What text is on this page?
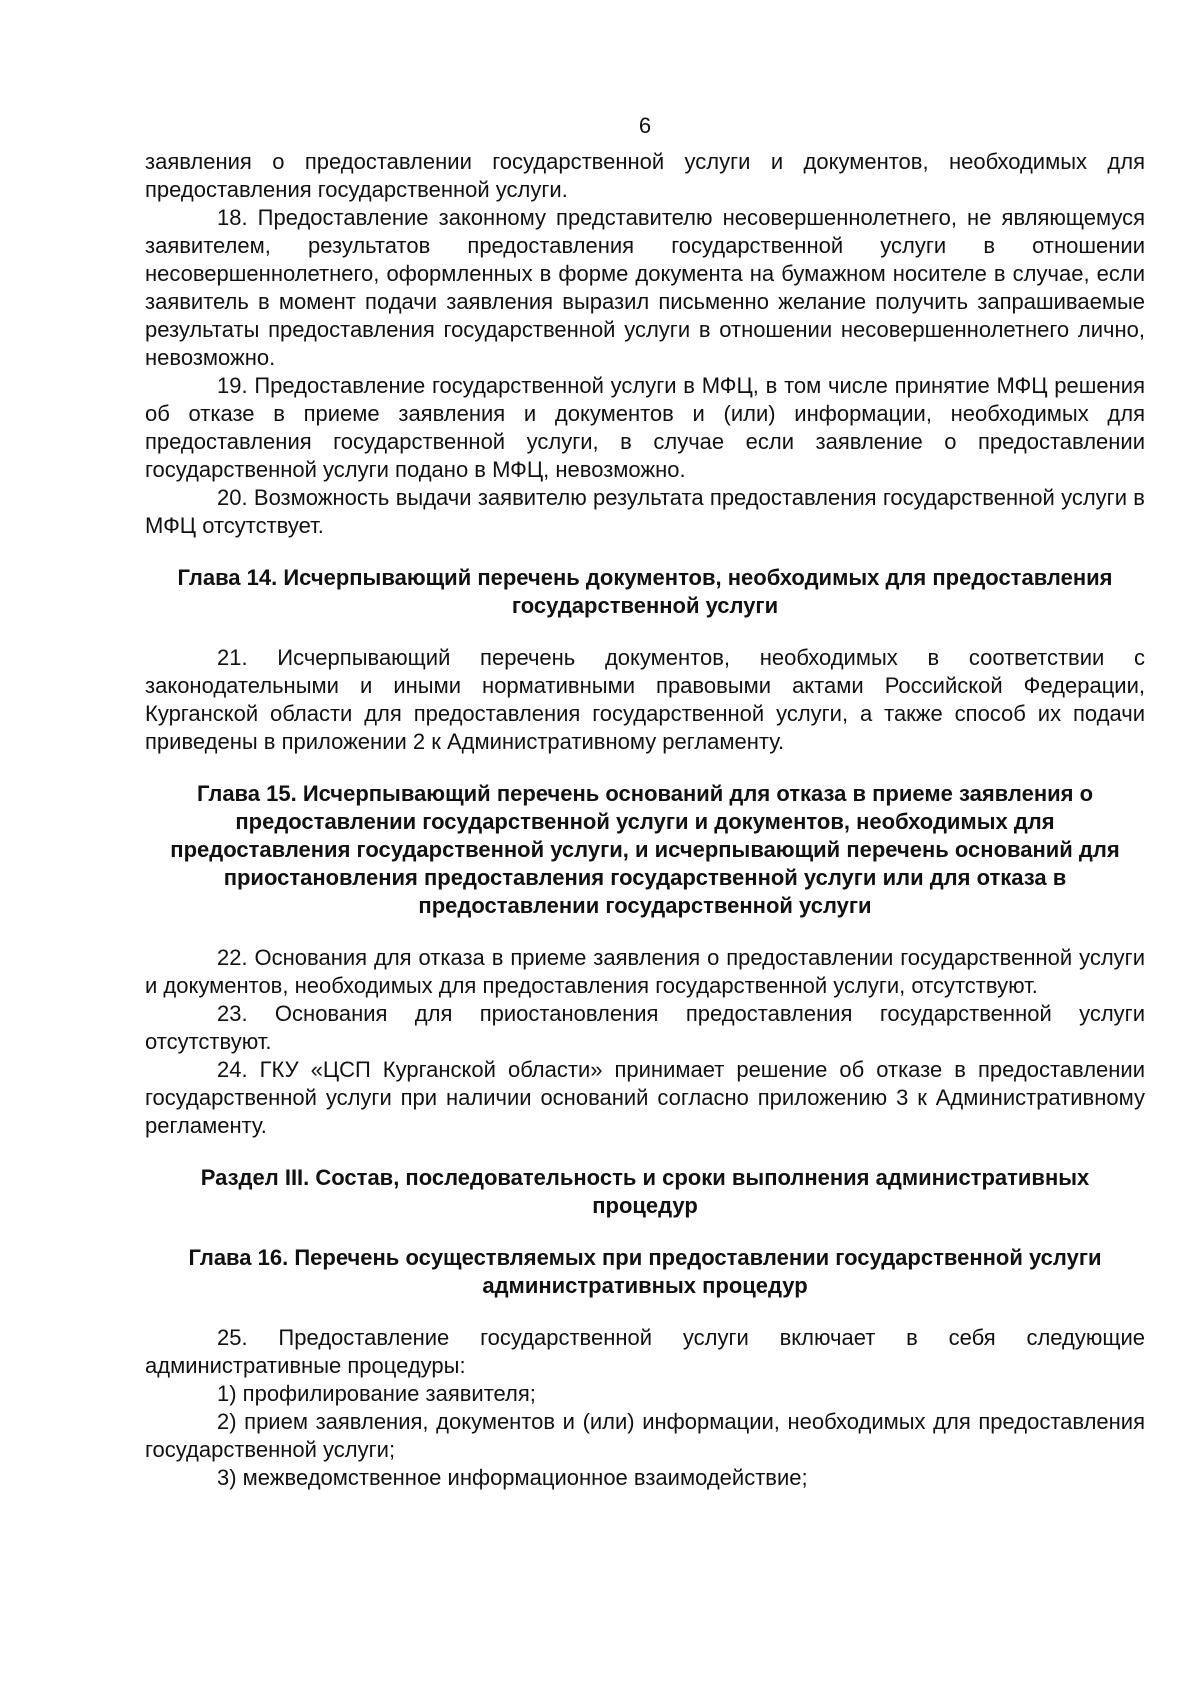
6

заявления о предоставлении государственной услуги и документов, необходимых для предоставления государственной услуги.

18. Предоставление законному представителю несовершеннолетнего, не являющемуся заявителем, результатов предоставления государственной услуги в отношении несовершеннолетнего, оформленных в форме документа на бумажном носителе в случае, если заявитель в момент подачи заявления выразил письменно желание получить запрашиваемые результаты предоставления государственной услуги в отношении несовершеннолетнего лично, невозможно.

19. Предоставление государственной услуги в МФЦ, в том числе принятие МФЦ решения об отказе в приеме заявления и документов и (или) информации, необходимых для предоставления государственной услуги, в случае если заявление о предоставлении государственной услуги подано в МФЦ, невозможно.

20. Возможность выдачи заявителю результата предоставления государственной услуги в МФЦ отсутствует.

Глава 14. Исчерпывающий перечень документов, необходимых для предоставления государственной услуги

21. Исчерпывающий перечень документов, необходимых в соответствии с законодательными и иными нормативными правовыми актами Российской Федерации, Курганской области для предоставления государственной услуги, а также способ их подачи приведены в приложении 2 к Административному регламенту.

Глава 15. Исчерпывающий перечень оснований для отказа в приеме заявления о предоставлении государственной услуги и документов, необходимых для предоставления государственной услуги, и исчерпывающий перечень оснований для приостановления предоставления государственной услуги или для отказа в предоставлении государственной услуги

22. Основания для отказа в приеме заявления о предоставлении государственной услуги и документов, необходимых для предоставления государственной услуги, отсутствуют.

23. Основания для приостановления предоставления государственной услуги отсутствуют.

24. ГКУ «ЦСП Курганской области» принимает решение об отказе в предоставлении государственной услуги при наличии оснований согласно приложению 3 к Административному регламенту.

Раздел III. Состав, последовательность и сроки выполнения административных процедур
Глава 16. Перечень осуществляемых при предоставлении государственной услуги административных процедур

25. Предоставление государственной услуги включает в себя следующие административные процедуры:

1) профилирование заявителя;

2) прием заявления, документов и (или) информации, необходимых для предоставления государственной услуги;

3) межведомственное информационное взаимодействие;
